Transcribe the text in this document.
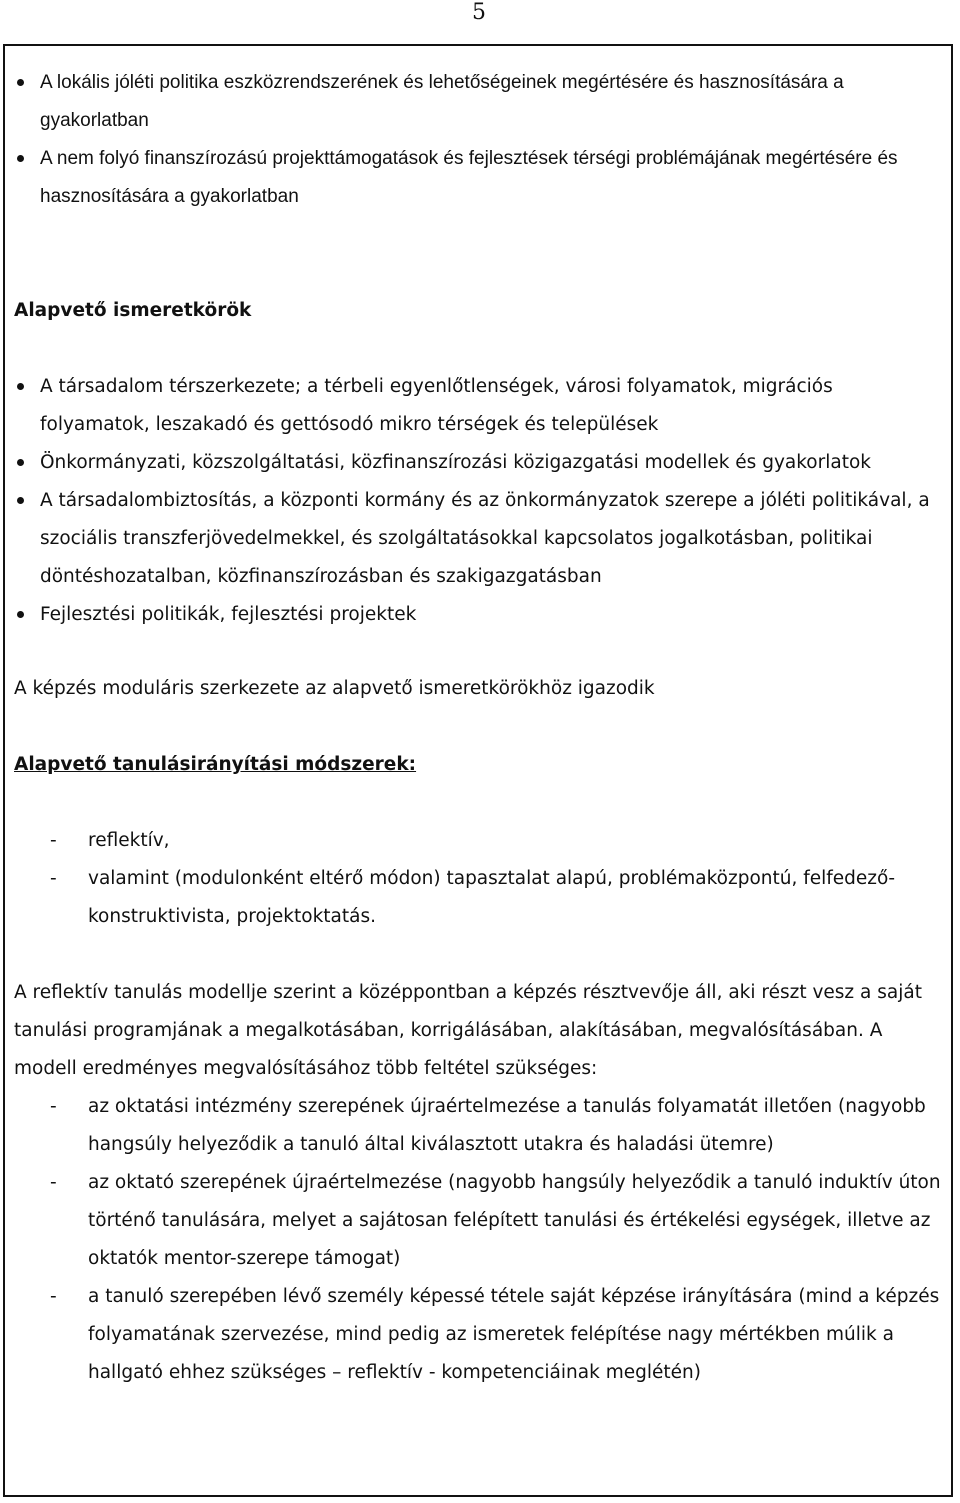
5
A lokális jóléti politika eszközrendszerének és lehetőségeinek megértésére és hasznosítására a gyakorlatban
A nem folyó finanszírozású projekttámogatások és fejlesztések térségi problémájának megértésére és hasznosítására a gyakorlatban

Alapvető ismeretkörök

A társadalom térszerkezete; a térbeli egyenlőtlenségek, városi folyamatok, migrációs folyamatok, leszakadó és gettósodó mikro térségek és települések
Önkormányzati, közszolgáltatási, közfinanszírozási közigazgatási modellek és gyakorlatok
A társadalombiztosítás, a központi kormány és az önkormányzatok szerepe a jóléti politikával, a szociális transzferjövedelmekkel, és szolgáltatásokkal kapcsolatos jogalkotásban, politikai döntéshozatalban, közfinanszírozásban és szakigazgatásban
Fejlesztési politikák, fejlesztési projektek

A képzés moduláris szerkezete az alapvető ismeretkörökhöz igazodik

Alapvető tanulásirányítási módszerek:

- reflektív,
- valamint (modulonként eltérő módon) tapasztalat alapú, problémaközpontú, felfedező-konstruktivista, projektoktatás.

A reflektív tanulás modellje szerint a középpontban a képzés résztvevője áll, aki részt vesz a saját tanulási programjának a megalkotásában, korrigálásában, alakításában, megvalósításában. A modell eredményes megvalósításához több feltétel szükséges:

- az oktatási intézmény szerepének újraértelmezése a tanulás folyamatát illetően (nagyobb hangsúly helyeződik a tanuló által kiválasztott utakra és haladási ütemre)
- az oktató szerepének újraértelmezése (nagyobb hangsúly helyeződik a tanuló induktív úton történő tanulására, melyet a sajátosan felépített tanulási és értékelési egységek, illetve az oktatók mentor-szerepe támogat)
- a tanuló szerepében lévő személy képessé tétele saját képzése irányítására (mind a képzés folyamatának szervezése, mind pedig az ismeretek felépítése nagy mértékben múlik a hallgató ehhez szükséges – reflektív - kompetenciáinak meglétén)
